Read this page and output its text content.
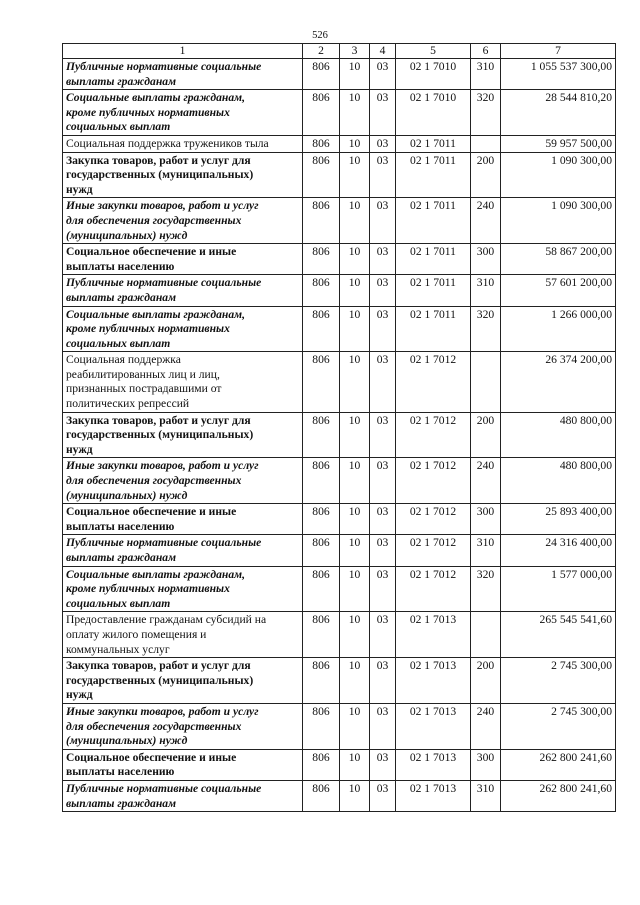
526
1	2	3	4	5	6	7

Публичные нормативные социальные
выплаты гражданам	806	10	03	02 1 7010	310	1 055 537 300,00

Социальные выплаты гражданам,
кроме публичных нормативных
социальных выплат	806	10	03	02 1 7010	320	28 544 810,20

Социальная поддержка тружеников тыла	806	10	03	02 1 7011		59 957 500,00

Закупка товаров, работ и услуг для
государственных (муниципальных)
нужд	806	10	03	02 1 7011	200	1 090 300,00

Иные закупки товаров, работ и услуг
для обеспечения государственных
(муниципальных) нужд	806	10	03	02 1 7011	240	1 090 300,00

Социальное обеспечение и иные
выплаты населению	806	10	03	02 1 7011	300	58 867 200,00

Публичные нормативные социальные
выплаты гражданам	806	10	03	02 1 7011	310	57 601 200,00

Социальные выплаты гражданам,
кроме публичных нормативных
социальных выплат	806	10	03	02 1 7011	320	1 266 000,00

Социальная поддержка
реабилитированных лиц и лиц,
признанных пострадавшими от
политических репрессий	806	10	03	02 1 7012		26 374 200,00

Закупка товаров, работ и услуг для
государственных (муниципальных)
нужд	806	10	03	02 1 7012	200	480 800,00

Иные закупки товаров, работ и услуг
для обеспечения государственных
(муниципальных) нужд	806	10	03	02 1 7012	240	480 800,00

Социальное обеспечение и иные
выплаты населению	806	10	03	02 1 7012	300	25 893 400,00

Публичные нормативные социальные
выплаты гражданам	806	10	03	02 1 7012	310	24 316 400,00

Социальные выплаты гражданам,
кроме публичных нормативных
социальных выплат	806	10	03	02 1 7012	320	1 577 000,00

Предоставление гражданам субсидий на
оплату жилого помещения и
коммунальных услуг	806	10	03	02 1 7013		265 545 541,60

Закупка товаров, работ и услуг для
государственных (муниципальных)
нужд	806	10	03	02 1 7013	200	2 745 300,00

Иные закупки товаров, работ и услуг
для обеспечения государственных
(муниципальных) нужд	806	10	03	02 1 7013	240	2 745 300,00

Социальное обеспечение и иные
выплаты населению	806	10	03	02 1 7013	300	262 800 241,60

Публичные нормативные социальные
выплаты гражданам	806	10	03	02 1 7013	310	262 800 241,60
